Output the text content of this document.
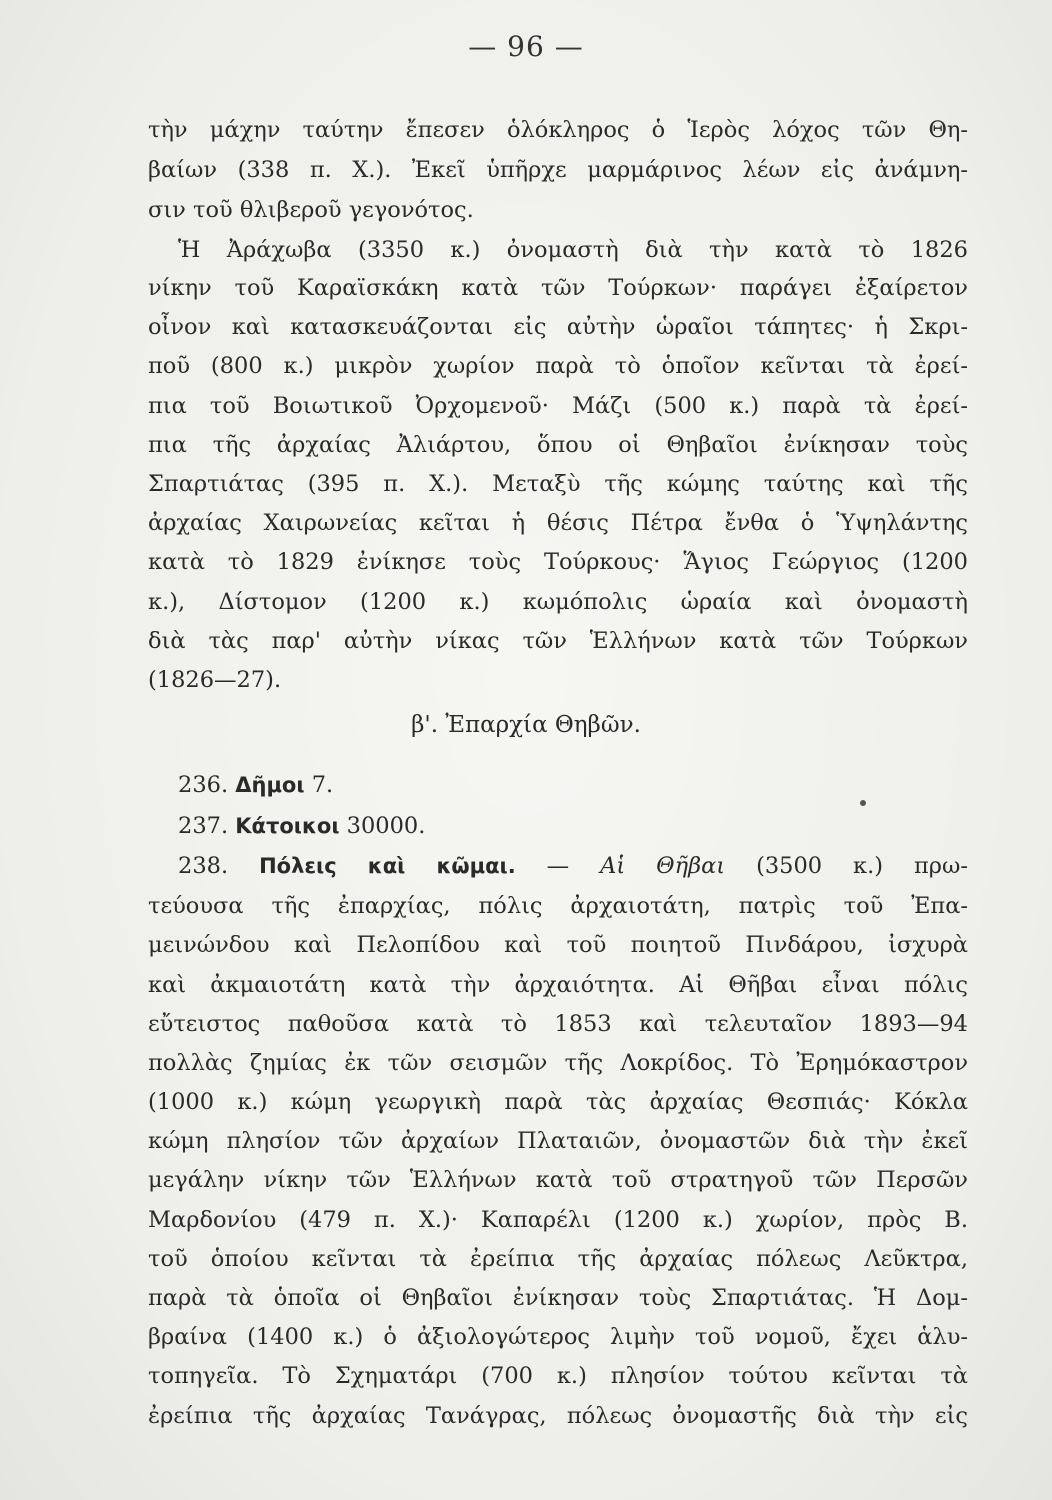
— 96 —
τὴν μάχην ταύτην ἔπεσεν ὁλόκληρος ὁ Ἱερὸς λόχος τῶν Θη-
βαίων (338 π. Χ.). Ἐκεῖ ὑπῆρχε μαρμάρινος λέων εἰς ἀνάμνη-
σιν τοῦ θλιβεροῦ γεγονότος.
Ἡ Ἀράχωβα (3350 κ.) ὀνομαστὴ διὰ τὴν κατὰ τὸ 1826
νίκην τοῦ Καραϊσκάκη κατὰ τῶν Τούρκων· παράγει ἐξαίρετον
οἶνον καὶ κατασκευάζονται εἰς αὐτὴν ὡραῖοι τάπητες· ἡ Σκρι-
ποῦ (800 κ.) μικρὸν χωρίον παρὰ τὸ ὁποῖον κεῖνται τὰ ἐρεί-
πια τοῦ Βοιωτικοῦ Ὀρχομενοῦ· Μάζι (500 κ.) παρὰ τὰ ἐρεί-
πια τῆς ἀρχαίας Ἀλιάρτου, ὅπου οἱ Θηβαῖοι ἐνίκησαν τοὺς
Σπαρτιάτας (395 π. Χ.). Μεταξὺ τῆς κώμης ταύτης καὶ τῆς
ἀρχαίας Χαιρωνείας κεῖται ἡ θέσις Πέτρα ἔνθα ὁ Ὑψηλάντης
κατὰ τὸ 1829 ἐνίκησε τοὺς Τούρκους· Ἅγιος Γεώργιος (1200
κ.), Δίστομον (1200 κ.) κωμόπολις ὡραία καὶ ὀνομαστὴ
διὰ τὰς παρ' αὐτὴν νίκας τῶν Ἑλλήνων κατὰ τῶν Τούρκων
(1826—27).
β'. Ἐπαρχία Θηβῶν.
236. Δῆμοι 7.
237. Κάτοικοι 30000.
238. Πόλεις καὶ κῶμαι. — Αἱ Θῆβαι (3500 κ.) πρω-
τεύουσα τῆς ἐπαρχίας, πόλις ἀρχαιοτάτη, πατρὶς τοῦ Ἐπα-
μεινώνδου καὶ Πελοπίδου καὶ τοῦ ποιητοῦ Πινδάρου, ἰσχυρὰ
καὶ ἀκμαιοτάτη κατὰ τὴν ἀρχαιότητα. Αἱ Θῆβαι εἶναι πόλις
εὔτειστος παθοῦσα κατὰ τὸ 1853 καὶ τελευταῖον 1893—94
πολλὰς ζημίας ἐκ τῶν σεισμῶν τῆς Λοκρίδος. Τὸ Ἐρημόκαστρον
(1000 κ.) κώμη γεωργικὴ παρὰ τὰς ἀρχαίας Θεσπιάς· Κόκλα
κώμη πλησίον τῶν ἀρχαίων Πλαταιῶν, ὀνομαστῶν διὰ τὴν ἐκεῖ
μεγάλην νίκην τῶν Ἑλλήνων κατὰ τοῦ στρατηγοῦ τῶν Περσῶν
Μαρδονίου (479 π. Χ.)· Καπαρέλι (1200 κ.) χωρίον, πρὸς Β.
τοῦ ὁποίου κεῖνται τὰ ἐρείπια τῆς ἀρχαίας πόλεως Λεῦκτρα,
παρὰ τὰ ὁποῖα οἱ Θηβαῖοι ἐνίκησαν τοὺς Σπαρτιάτας. Ἡ Δομ-
βραίνα (1400 κ.) ὁ ἀξιολογώτερος λιμὴν τοῦ νομοῦ, ἔχει ἁλυ-
τοπηγεῖα. Τὸ Σχηματάρι (700 κ.) πλησίον τούτου κεῖνται τὰ
ἐρείπια τῆς ἀρχαίας Τανάγρας, πόλεως ὀνομαστῆς διὰ τὴν εἰς
